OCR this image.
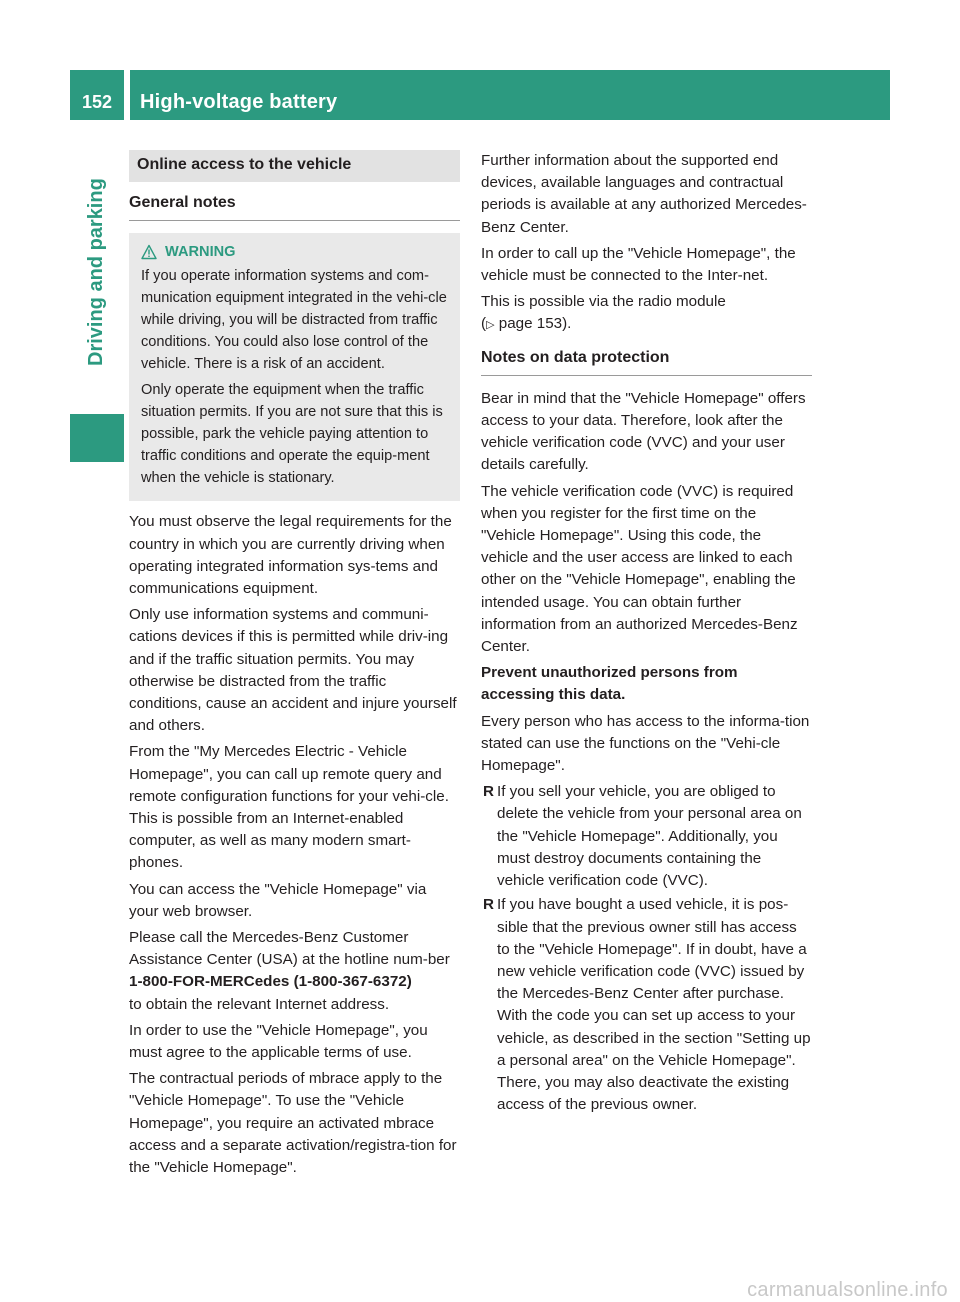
152	High-voltage battery
Driving and parking
Online access to the vehicle
General notes
WARNING

If you operate information systems and com-munication equipment integrated in the vehi-cle while driving, you will be distracted from traffic conditions. You could also lose control of the vehicle. There is a risk of an accident.

Only operate the equipment when the traffic situation permits. If you are not sure that this is possible, park the vehicle paying attention to traffic conditions and operate the equip-ment when the vehicle is stationary.

You must observe the legal requirements for the country in which you are currently driving when operating integrated information sys-tems and communications equipment.

Only use information systems and communi-cations devices if this is permitted while driv-ing and if the traffic situation permits. You may otherwise be distracted from the traffic conditions, cause an accident and injure yourself and others.

From the "My Mercedes Electric - Vehicle Homepage", you can call up remote query and remote configuration functions for your vehi-cle. This is possible from an Internet-enabled computer, as well as many modern smart-phones.

You can access the "Vehicle Homepage" via your web browser.

Please call the Mercedes-Benz Customer Assistance Center (USA) at the hotline num-ber

1-800-FOR-MERCedes (1-800-367-6372)

to obtain the relevant Internet address.

In order to use the "Vehicle Homepage", you must agree to the applicable terms of use.

The contractual periods of mbrace apply to the "Vehicle Homepage". To use the "Vehicle Homepage", you require an activated mbrace access and a separate activation/registra-tion for the "Vehicle Homepage".

Further information about the supported end devices, available languages and contractual periods is available at any authorized Mercedes-Benz Center.

In order to call up the "Vehicle Homepage", the vehicle must be connected to the Inter-net.

This is possible via the radio module
(▷ page 153).

Notes on data protection

Bear in mind that the "Vehicle Homepage" offers access to your data. Therefore, look after the vehicle verification code (VVC) and your user details carefully.

The vehicle verification code (VVC) is required when you register for the first time on the "Vehicle Homepage". Using this code, the vehicle and the user access are linked to each other on the "Vehicle Homepage", enabling the intended usage. You can obtain further information from an authorized Mercedes-Benz Center.

Prevent unauthorized persons from accessing this data.

Every person who has access to the informa-tion stated can use the functions on the "Vehi-cle Homepage".

R If you sell your vehicle, you are obliged to delete the vehicle from your personal area on the "Vehicle Homepage". Additionally, you must destroy documents containing the vehicle verification code (VVC).
R If you have bought a used vehicle, it is pos-sible that the previous owner still has access to the "Vehicle Homepage". If in doubt, have a new vehicle verification code (VVC) issued by the Mercedes-Benz Center after purchase. With the code you can set up access to your vehicle, as described in the section "Setting up a personal area" on the Vehicle Homepage". There, you may also deactivate the existing access of the previous owner.
carmanualsonline.info
